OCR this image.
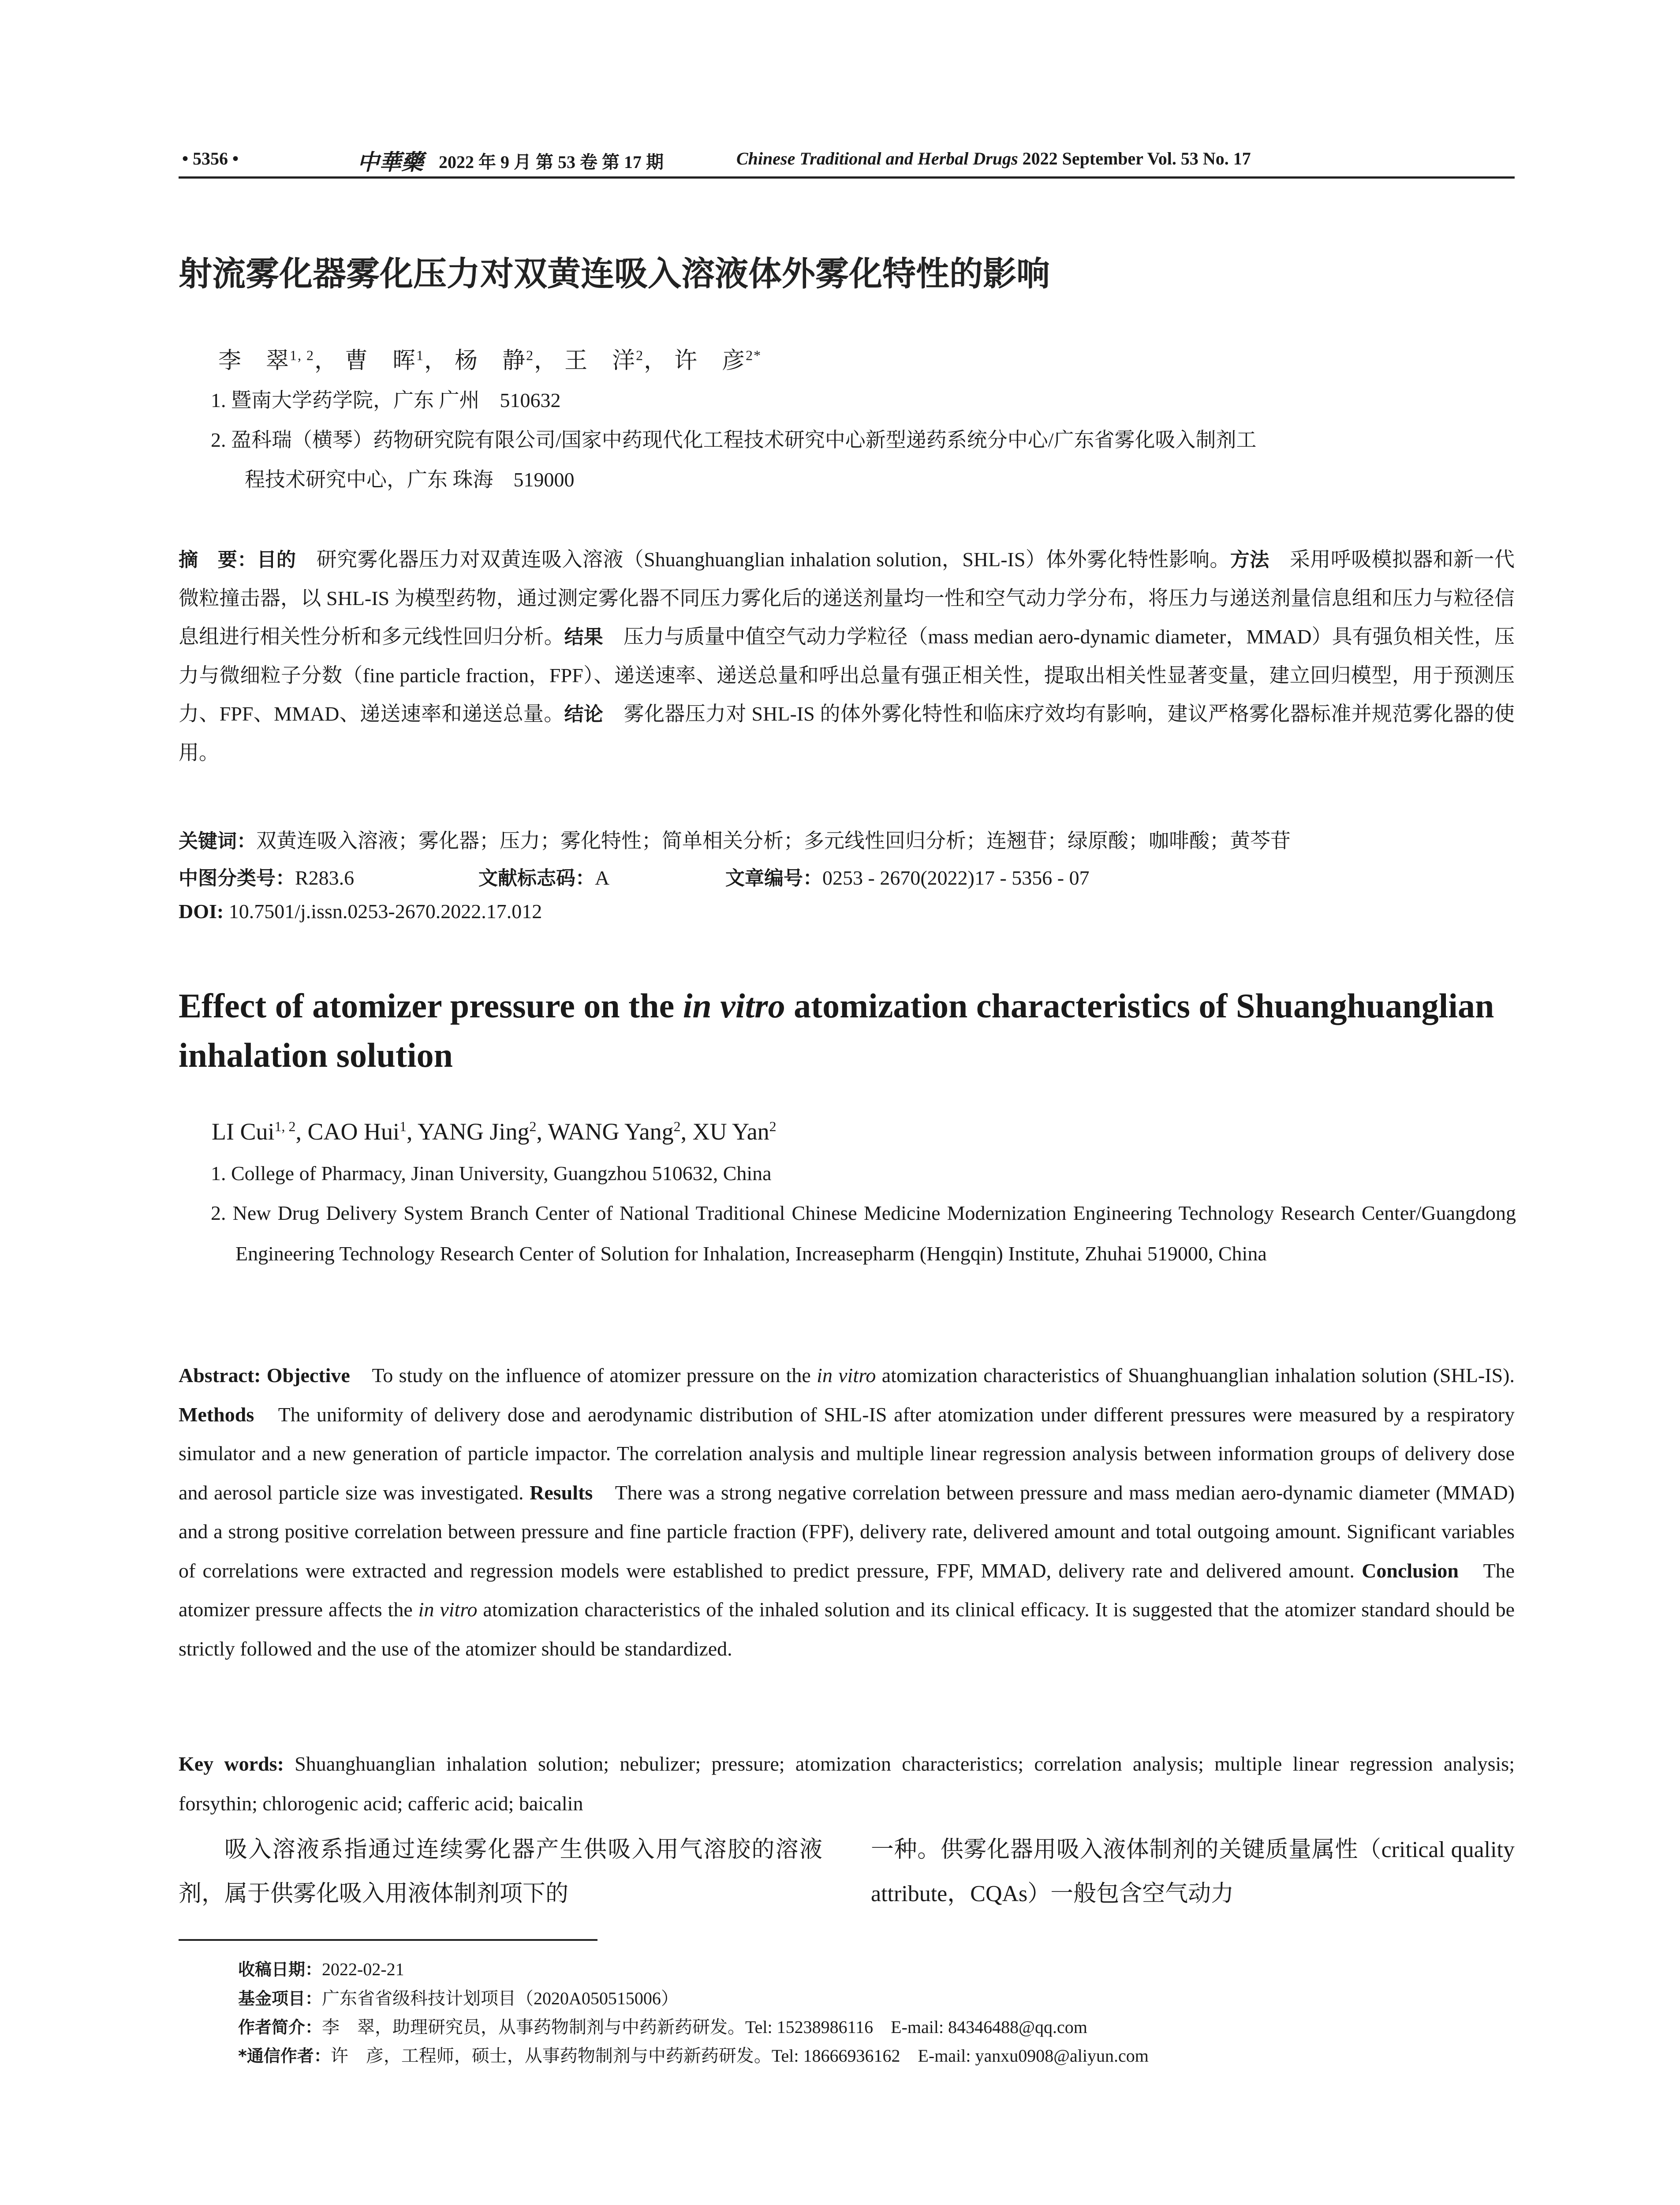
• 5356 •	中華藥 2022 年 9 月 第 53 卷 第 17 期	Chinese Traditional and Herbal Drugs 2022 September Vol. 53 No. 17
射流雾化器雾化压力对双黄连吸入溶液体外雾化特性的影响
李　翠$^{1, 2}$， 曹　晖$^1$， 杨　静$^2$， 王　洋$^2$， 许　彦$^{2*}$
1. 暨南大学药学院，广东 广州　510632
2. 盈科瑞（横琴）药物研究院有限公司/国家中药现代化工程技术研究中心新型递药系统分中心/广东省雾化吸入制剂工
程技术研究中心，广东 珠海　519000
摘　要：目的　研究雾化器压力对双黄连吸入溶液（Shuanghuanglian inhalation solution，SHL-IS）体外雾化特性影响。方法　采用呼吸模拟器和新一代微粒撞击器，以 SHL-IS 为模型药物，通过测定雾化器不同压力雾化后的递送剂量均一性和空气动力学分布，将压力与递送剂量信息组和压力与粒径信息组进行相关性分析和多元线性回归分析。结果　压力与质量中值空气动力学粒径（mass median aero-dynamic diameter，MMAD）具有强负相关性，压力与微细粒子分数（fine particle fraction，FPF）、递送速率、递送总量和呼出总量有强正相关性，提取出相关性显著变量，建立回归模型，用于预测压力、FPF、MMAD、递送速率和递送总量。结论　雾化器压力对 SHL-IS 的体外雾化特性和临床疗效均有影响，建议严格雾化器标准并规范雾化器的使用。
关键词：双黄连吸入溶液；雾化器；压力；雾化特性；简单相关分析；多元线性回归分析；连翘苷；绿原酸；咖啡酸；黄芩苷
中图分类号：R283.6	文献标志码：A	文章编号：0253 - 2670(2022)17 - 5356 - 07
DOI: 10.7501/j.issn.0253-2670.2022.17.012
Effect of atomizer pressure on the in vitro atomization characteristics of Shuanghuanglian inhalation solution
LI Cui$^{1, 2}$, CAO Hui$^1$, YANG Jing$^2$, WANG Yang$^2$, XU Yan$^2$
1. College of Pharmacy, Jinan University, Guangzhou 510632, China
2. New Drug Delivery System Branch Center of National Traditional Chinese Medicine Modernization Engineering Technology Research Center/Guangdong Engineering Technology Research Center of Solution for Inhalation, Increasepharm (Hengqin) Institute, Zhuhai 519000, China
Abstract: Objective　To study on the influence of atomizer pressure on the in vitro atomization characteristics of Shuanghuanglian inhalation solution (SHL-IS). Methods　The uniformity of delivery dose and aerodynamic distribution of SHL-IS after atomization under different pressures were measured by a respiratory simulator and a new generation of particle impactor. The correlation analysis and multiple linear regression analysis between information groups of delivery dose and aerosol particle size was investigated. Results　There was a strong negative correlation between pressure and mass median aero-dynamic diameter (MMAD) and a strong positive correlation between pressure and fine particle fraction (FPF), delivery rate, delivered amount and total outgoing amount. Significant variables of correlations were extracted and regression models were established to predict pressure, FPF, MMAD, delivery rate and delivered amount. Conclusion　The atomizer pressure affects the in vitro atomization characteristics of the inhaled solution and its clinical efficacy. It is suggested that the atomizer standard should be strictly followed and the use of the atomizer should be standardized.
Key words: Shuanghuanglian inhalation solution; nebulizer; pressure; atomization characteristics; correlation analysis; multiple linear regression analysis; forsythin; chlorogenic acid; cafferic acid; baicalin
吸入溶液系指通过连续雾化器产生供吸入用气溶胶的溶液剂，属于供雾化吸入用液体制剂项下的
一种。供雾化器用吸入液体制剂的关键质量属性（critical quality attribute，CQAs）一般包含空气动力
收稿日期：2022-02-21
基金项目：广东省省级科技计划项目（2020A050515006）
作者简介：李　翠，助理研究员，从事药物制剂与中药新药研发。Tel: 15238986116　E-mail: 84346488@qq.com
*通信作者：许　彦，工程师，硕士，从事药物制剂与中药新药研发。Tel: 18666936162　E-mail: yanxu0908@aliyun.com
